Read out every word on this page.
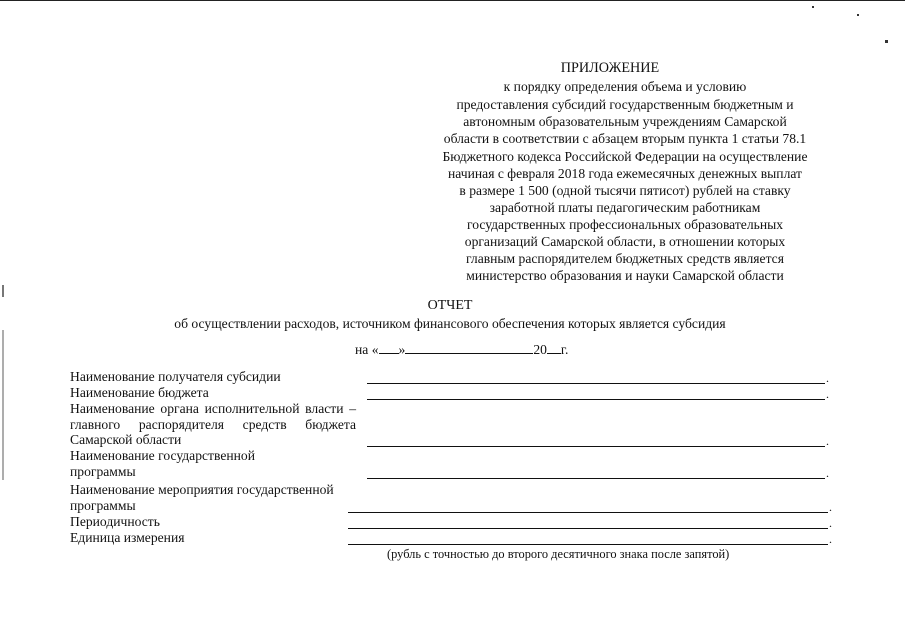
ПРИЛОЖЕНИЕ
к порядку определения объема и условию
предоставления субсидий государственным бюджетным и
автономным образовательным учреждениям Самарской
области в соответствии с абзацем вторым пункта 1 статьи 78.1
Бюджетного кодекса Российской Федерации на осуществление
начиная с февраля 2018 года ежемесячных денежных выплат
в размере 1 500 (одной тысячи пятисот) рублей на ставку
заработной платы педагогическим работникам
государственных профессиональных образовательных
организаций Самарской области, в отношении которых
главным распорядителем бюджетных средств является
министерство образования и науки Самарской области
ОТЧЕТ
об осуществлении расходов, источником финансового обеспечения которых является субсидия
на « »	20 г.
Наименование получателя субсидии	.
Наименование бюджета	.
Наименование органа исполнительной власти –
главного распорядителя средств бюджета
Самарской области	.
Наименование государственной
программы	.
Наименование мероприятия государственной
программы	.
Периодичность	.
Единица измерения	.
(рубль с точностью до второго десятичного знака после запятой)
